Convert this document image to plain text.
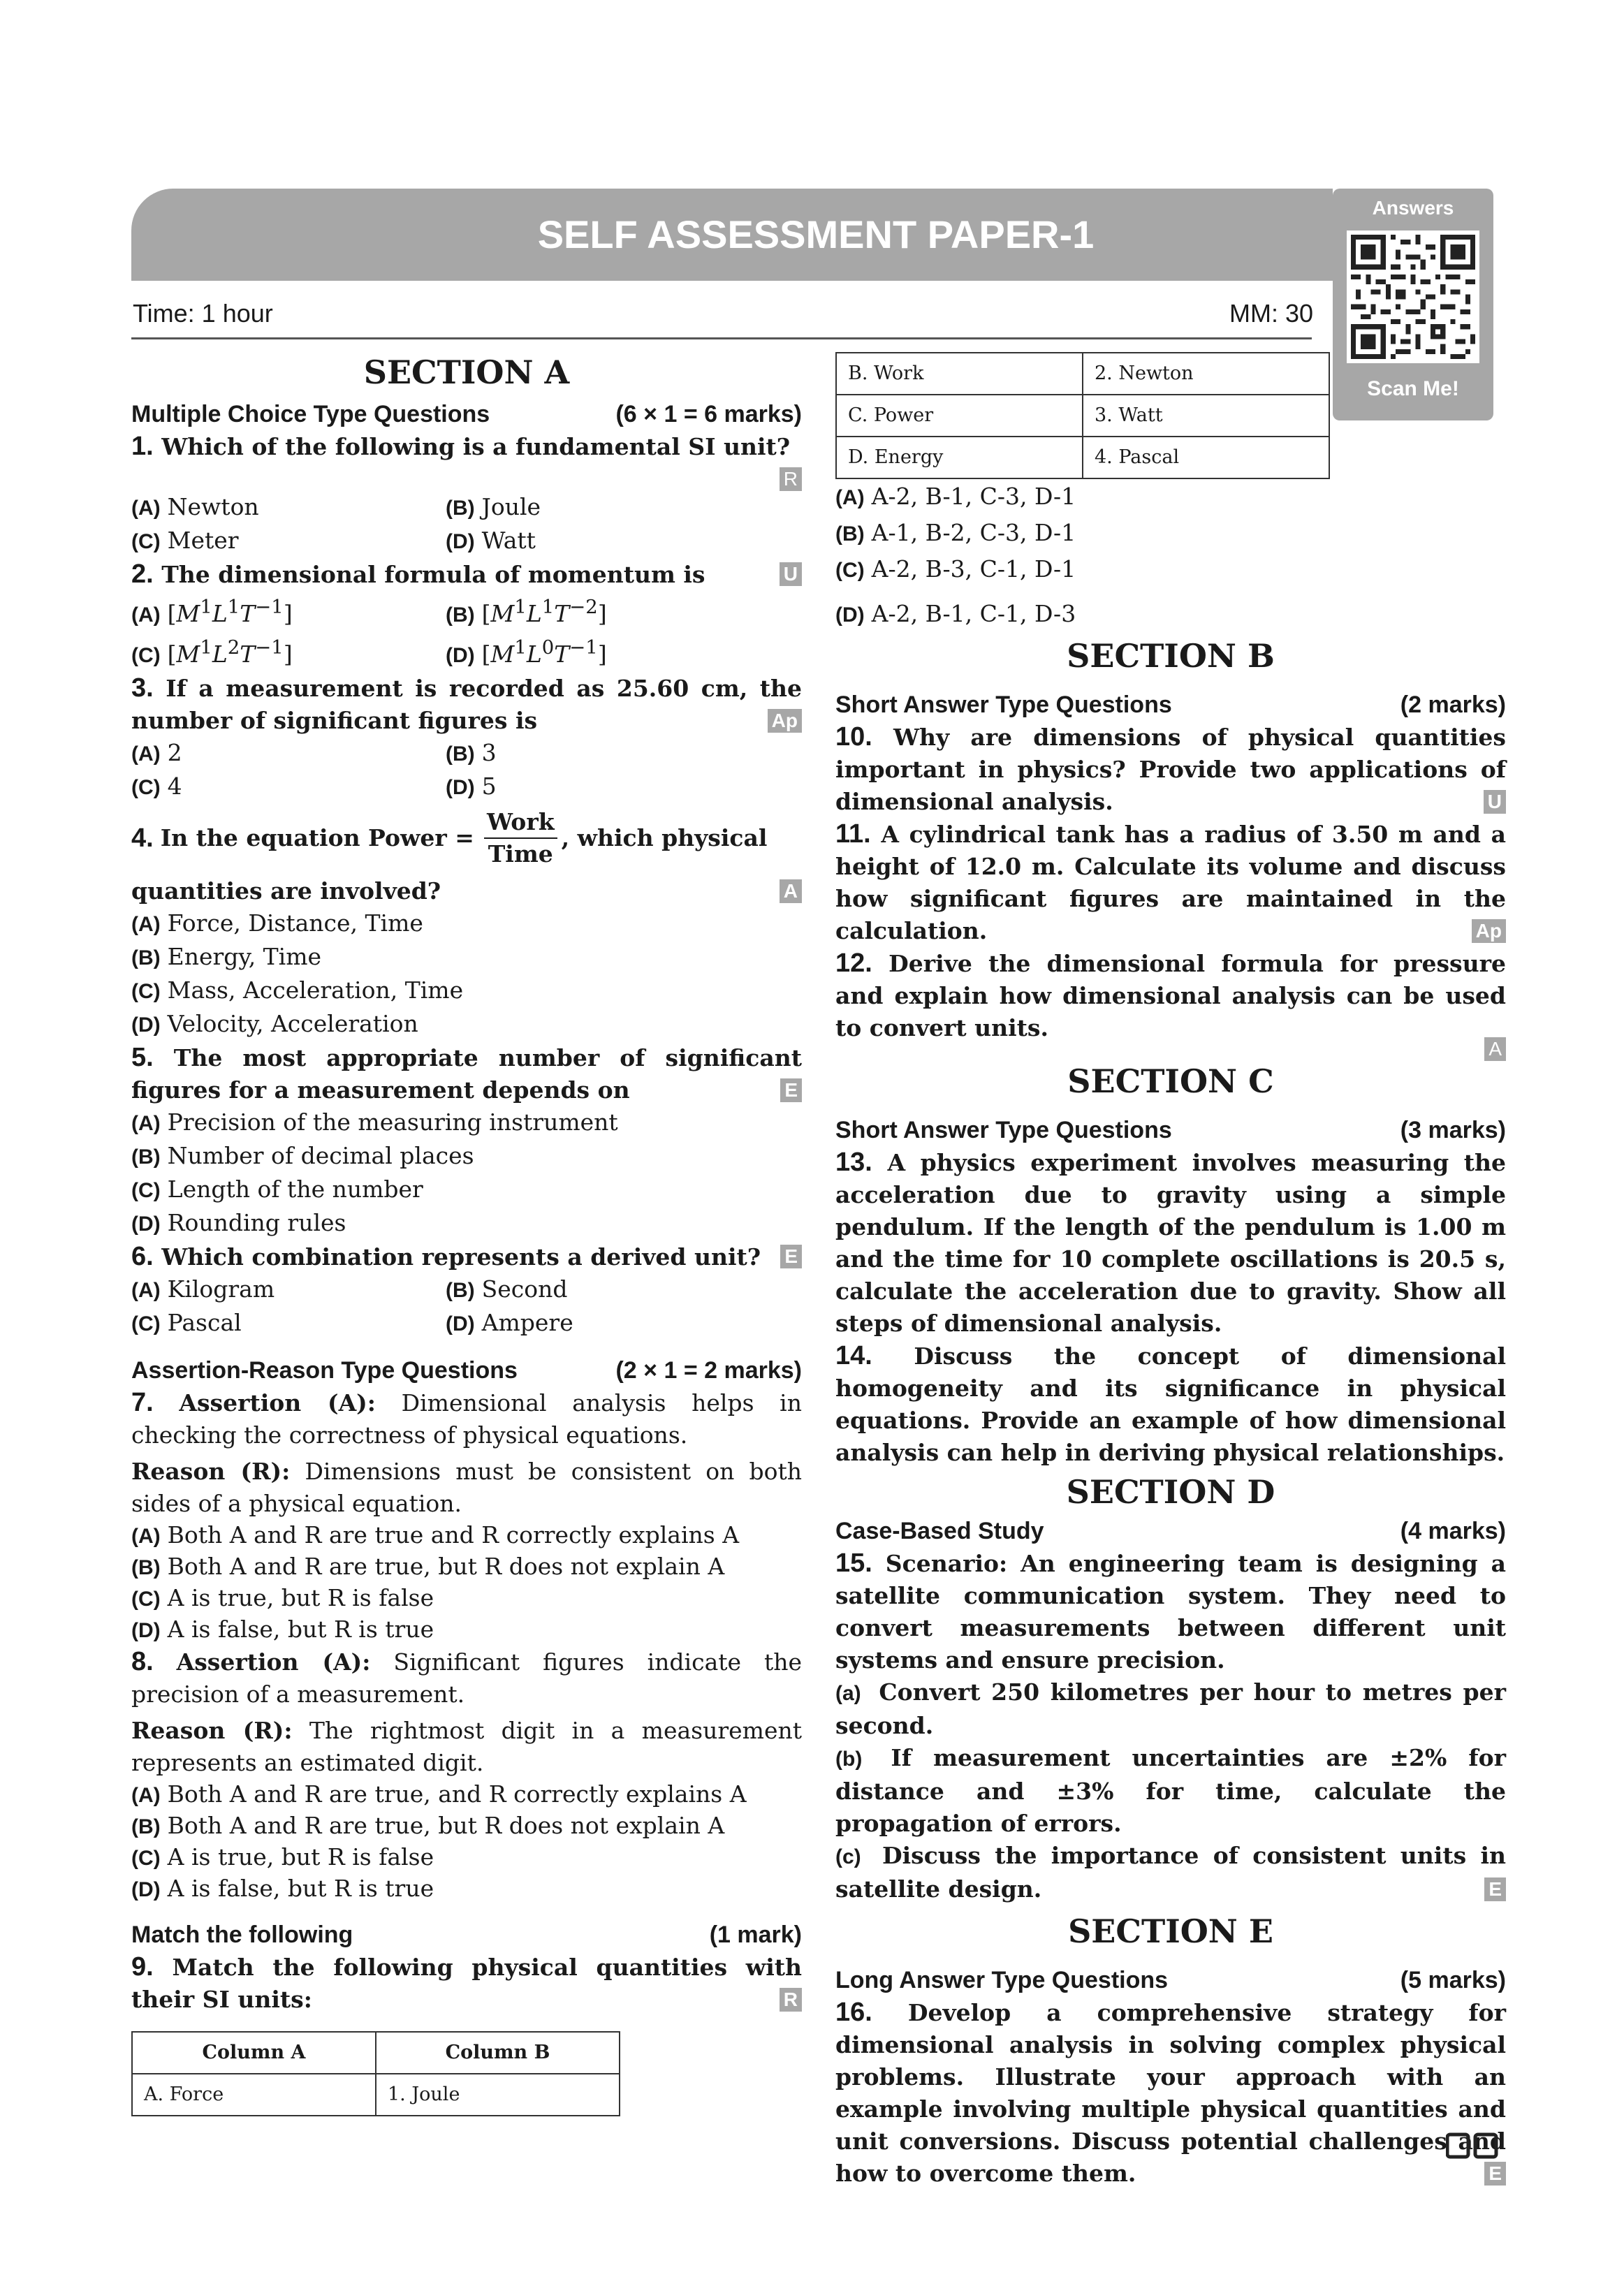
SELF ASSESSMENT PAPER-1
Answers
Scan Me!
Time: 1 hour	MM: 30
SECTION A
Multiple Choice Type Questions	(6 × 1 = 6 marks)
1. Which of the following is a fundamental SI unit?
R
(A) Newton	(B) Joule
(C) Meter	(D) Watt
2. The dimensional formula of momentum is	U
(A) $[M^1L^1T^{-1}]$	(B) $[M^1L^1T^{-2}]$
(C) $[M^1L^2T^{-1}]$	(D) $[M^1L^0T^{-1}]$
3. If a measurement is recorded as 25.60 cm, the number of significant figures is	Ap
(A) 2	(B) 3
(C) 4	(D) 5
4. In the equation Power =
Work
Time
, which physical
quantities are involved?	A
(A) Force, Distance, Time
(B) Energy, Time
(C) Mass, Acceleration, Time
(D) Velocity, Acceleration
5. The most appropriate number of significant figures for a measurement depends on	E
(A) Precision of the measuring instrument
(B) Number of decimal places
(C) Length of the number
(D) Rounding rules
6. Which combination represents a derived unit? E
(A) Kilogram	(B) Second
(C) Pascal	(D) Ampere
Assertion-Reason Type Questions	(2 × 1 = 2 marks)
7. Assertion (A): Dimensional analysis helps in checking the correctness of physical equations.
Reason (R): Dimensions must be consistent on both sides of a physical equation.
(A) Both A and R are true and R correctly explains A
(B) Both A and R are true, but R does not explain A
(C) A is true, but R is false
(D) A is false, but R is true
8. Assertion (A): Significant figures indicate the precision of a measurement.
Reason (R): The rightmost digit in a measurement represents an estimated digit.
(A) Both A and R are true, and R correctly explains A
(B) Both A and R are true, but R does not explain A
(C) A is true, but R is false
(D) A is false, but R is true
Match the following	(1 mark)
9. Match the following physical quantities with their SI units:	R
Column A	Column B
A. Force	1. Joule
B. Work	2. Newton
C. Power	3. Watt
D. Energy	4. Pascal
(A) A-2, B-1, C-3, D-1
(B) A-1, B-2, C-3, D-1
(C) A-2, B-3, C-1, D-1
(D) A-2, B-1, C-1, D-3
SECTION B
Short Answer Type Questions	(2 marks)
10. Why are dimensions of physical quantities important in physics? Provide two applications of dimensional analysis.	U
11. A cylindrical tank has a radius of 3.50 m and a height of 12.0 m. Calculate its volume and discuss how significant figures are maintained in the calculation.	Ap
12. Derive the dimensional formula for pressure and explain how dimensional analysis can be used to convert units.
A
SECTION C
Short Answer Type Questions	(3 marks)
13. A physics experiment involves measuring the acceleration due to gravity using a simple pendulum. If the length of the pendulum is 1.00 m and the time for 10 complete oscillations is 20.5 s, calculate the acceleration due to gravity. Show all steps of dimensional analysis.
14. Discuss the concept of dimensional homogeneity and its significance in physical equations. Provide an example of how dimensional analysis can help in deriving physical relationships.
SECTION D
Case-Based Study	(4 marks)
15. Scenario: An engineering team is designing a satellite communication system. They need to convert measurements between different unit systems and ensure precision.
(a) Convert 250 kilometres per hour to metres per second.
(b) If measurement uncertainties are ±2% for distance and ±3% for time, calculate the propagation of errors.
(c) Discuss the importance of consistent units in satellite design.	E
SECTION E
Long Answer Type Questions	(5 marks)
16. Develop a comprehensive strategy for dimensional analysis in solving complex physical problems. Illustrate your approach with an example involving multiple physical quantities and unit conversions. Discuss potential challenges and how to overcome them.	E
